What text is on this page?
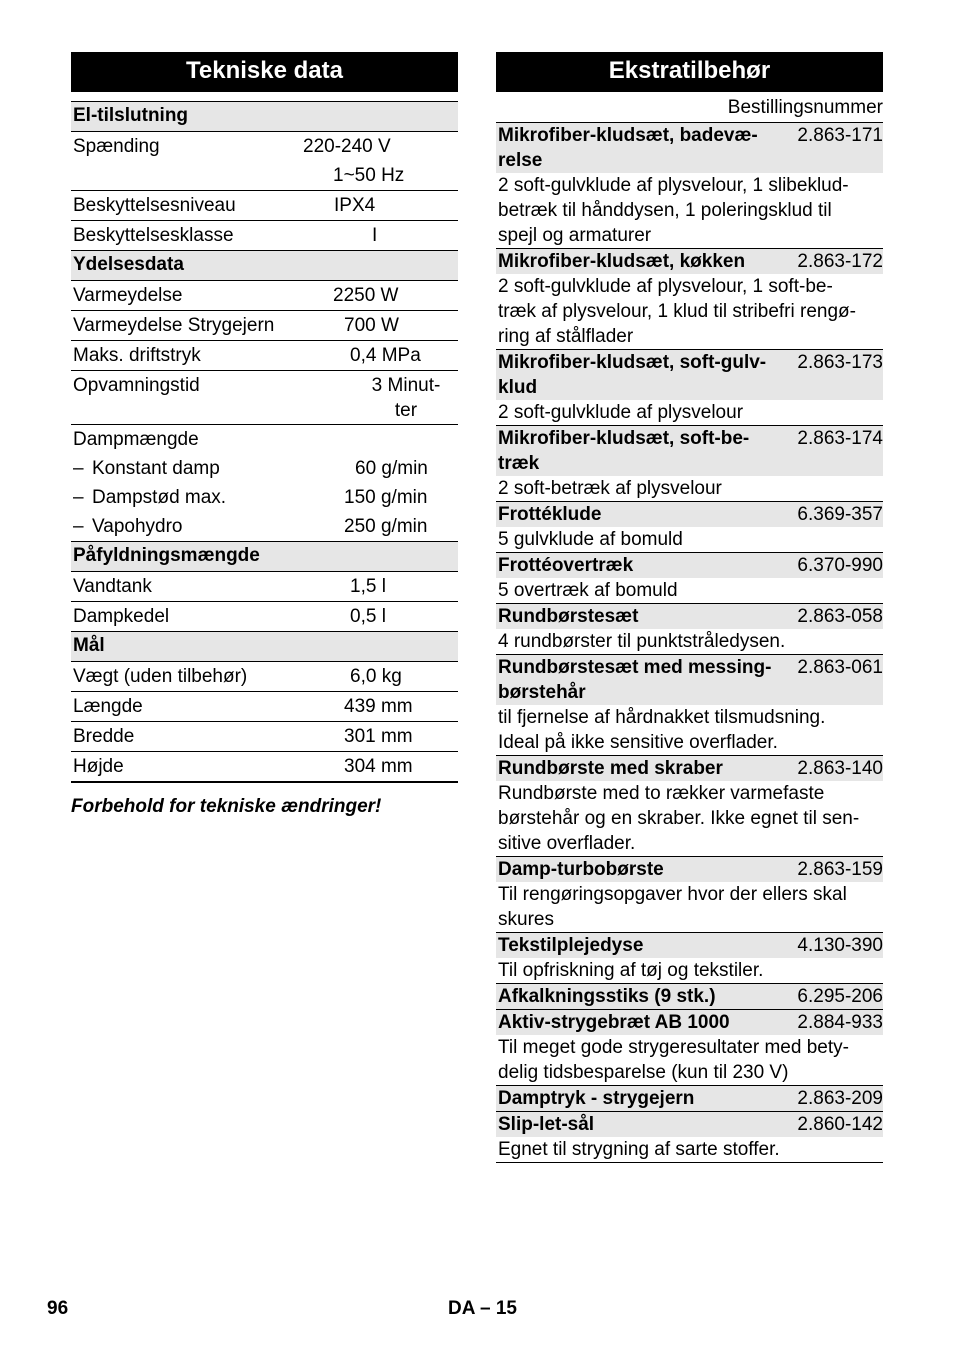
Tekniske data
El-tilslutning
Spænding	220-240 V

1~50 Hz
Beskyttelsesniveau	IPX4
Beskyttelsesklasse	I
Ydelsesdata
Varmeydelse	2250 W
Varmeydelse Strygejern	700 W
Maks. driftstryk	0,4 MPa
Opvamningstid	3 Minut-
ter
Dampmængde
– Konstant damp	60 g/min
– Dampstød max.	150 g/min
– Vapohydro	250 g/min
Påfyldningsmængde
Vandtank	1,5 l
Dampkedel	0,5 l
Mål
Vægt (uden tilbehør)	6,0 kg
Længde	439 mm
Bredde	301 mm
Højde	304 mm
Forbehold for tekniske ændringer!
Ekstratilbehør
Bestillingsnummer
Mikrofiber-kludsæt, badevæ-
relse
2.863-171
2 soft-gulvklude af plysvelour, 1 slibeklud-
betræk til hånddysen, 1 poleringsklud til
spejl og armaturer
Mikrofiber-kludsæt, køkken	2.863-172
2 soft-gulvklude af plysvelour, 1 soft-be-
træk af plysvelour, 1 klud til stribefri rengø-
ring af stålflader
Mikrofiber-kludsæt, soft-gulv-
klud
2.863-173
2 soft-gulvklude af plysvelour
Mikrofiber-kludsæt, soft-be-
træk
2.863-174
2 soft-betræk af plysvelour
Frottéklude	6.369-357
5 gulvklude af bomuld
Frottéovertræk	6.370-990
5 overtræk af bomuld
Rundbørstesæt	2.863-058
4 rundbørster til punktstråledysen.
Rundbørstesæt med messing-
børstehår
2.863-061
til fjernelse af hårdnakket tilsmudsning.
Ideal på ikke sensitive overflader.
Rundbørste med skraber	2.863-140
Rundbørste med to rækker varmefaste
børstehår og en skraber. Ikke egnet til sen-
sitive overflader.
Damp-turbobørste	2.863-159
Til rengøringsopgaver hvor der ellers skal
skures
Tekstilplejedyse	4.130-390
Til opfriskning af tøj og tekstiler.
Afkalkningsstiks (9 stk.)	6.295-206
Aktiv-strygebræt AB 1000	2.884-933
Til meget gode strygeresultater med bety-
delig tidsbesparelse (kun til 230 V)
Damptryk - strygejern	2.863-209
Slip-let-sål	2.860-142
Egnet til strygning af sarte stoffer.
96	DA – 15
